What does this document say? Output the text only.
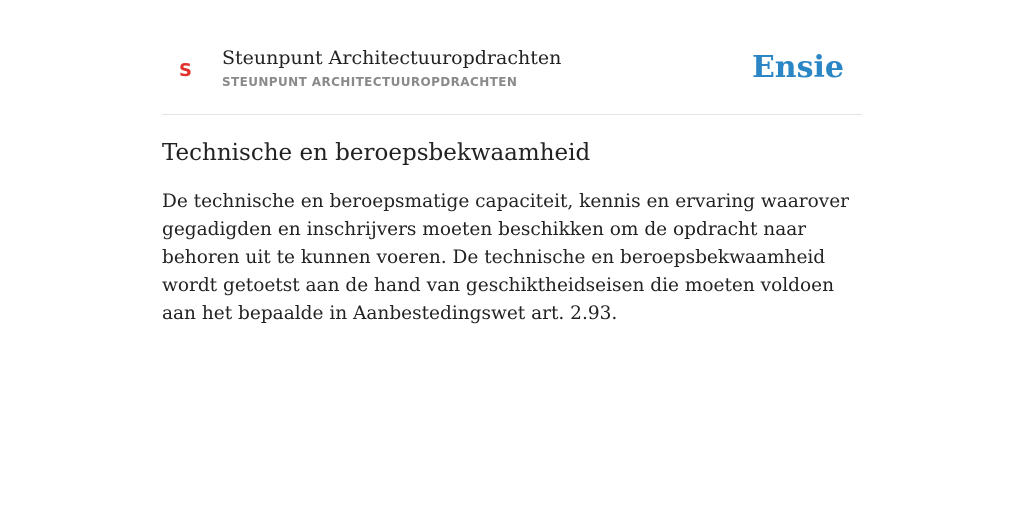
S
Steunpunt Architectuuropdrachten
STEUNPUNT ARCHITECTUUROPDRACHTEN	Ensie
Technische en beroepsbekwaamheid

De technische en beroepsmatige capaciteit, kennis en ervaring waarover gegadigden en inschrijvers moeten beschikken om de opdracht naar behoren uit te kunnen voeren. De technische en beroepsbekwaamheid wordt getoetst aan de hand van geschiktheidseisen die moeten voldoen aan het bepaalde in Aanbestedingswet art. 2.93.
